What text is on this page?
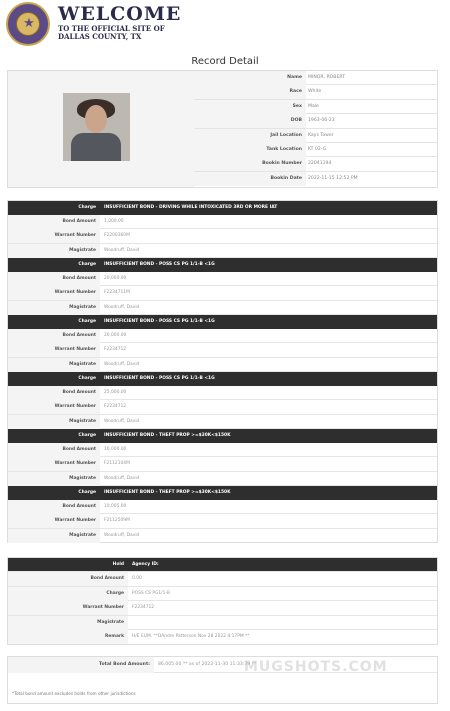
★	WELCOME
TO THE OFFICIAL SITE OF
DALLAS COUNTY, TX
Record Detail
Name	MINOR, ROBERT
Race	White
Sex	Male
DOB	1963-06-23
Jail Location	Kays Tower
Tank Location	KT 02-G
Bookin Number	22041194
Bookin Date	2022-11-15 12:52 PM
Charge	INSUFFICIENT BOND - DRIVING WHILE INTOXICATED 3RD OR MORE IAT
Bond Amount	1,000.00
Warrant Number	F2200360M
Magistrate	Woodruff, David
Charge	INSUFFICIENT BOND - POSS CS PG 1/1-B <1G
Bond Amount	20,000.00
Warrant Number	F2234711M
Magistrate	Woodruff, David
Charge	INSUFFICIENT BOND - POSS CS PG 1/1-B <1G
Bond Amount	20,000.00
Warrant Number	F2234712
Magistrate	Woodruff, David
Charge	INSUFFICIENT BOND - POSS CS PG 1/1-B <1G
Bond Amount	25,000.00
Warrant Number	F2234712
Magistrate	Woodruff, David
Charge	INSUFFICIENT BOND - THEFT PROP >=$30K<$150K
Bond Amount	10,000.00
Warrant Number	F2112104M
Magistrate	Woodruff, David
Charge	INSUFFICIENT BOND - THEFT PROP >=$30K<$150K
Bond Amount	10,005.00
Warrant Number	F2112509M
Magistrate	Woodruff, David
Hold	Agency ID:
Bond Amount	0.00
Charge	POSS CS PG1/1-B
Warrant Number	F2234712
Magistrate
Remark	H/E EUM. **DAndre Patterson Nov 28 2022 4:17PM **
Total Bond Amount:	86,005.00 ** as of 2022-11-30 11:33:39 **
MUGSHOTS.COM
*Total bond amount excludes holds from other jurisdictions
